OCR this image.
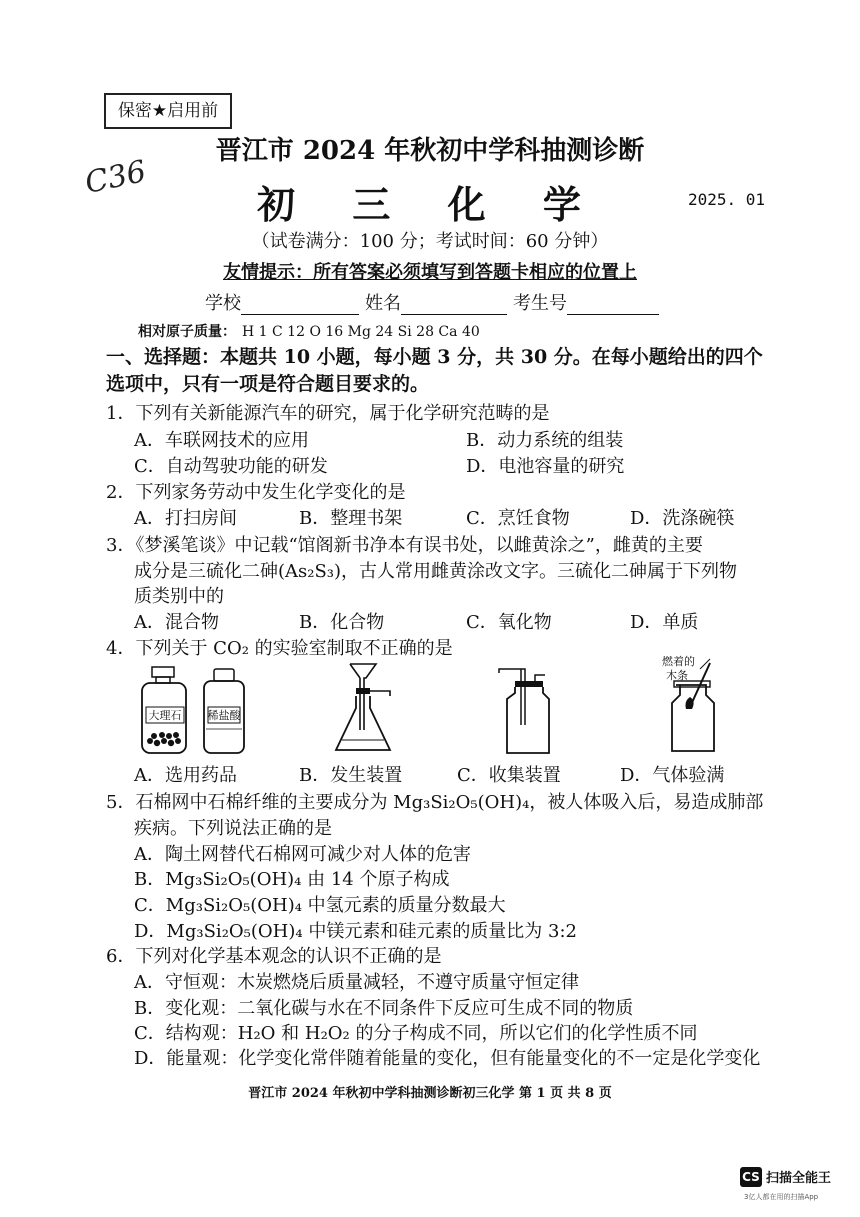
保密★启用前
C36
晋江市 2024 年秋初中学科抽测诊断
初 三 化 学	2025. 01
（试卷满分：100 分；考试时间：60 分钟）
友情提示：所有答案必须填写到答题卡相应的位置上
学校	姓名	考生号
相对原子质量： H 1 C 12 O 16 Mg 24 Si 28 Ca 40
一、选择题：本题共 10 小题，每小题 3 分，共 30 分。在每小题给出的四个选项中，只有一项是符合题目要求的。
1．下列有关新能源汽车的研究，属于化学研究范畴的是
A．车联网技术的应用	B．动力系统的组装
C．自动驾驶功能的研发	D．电池容量的研究
2．下列家务劳动中发生化学变化的是
A．打扫房间	B．整理书架	C．烹饪食物	D．洗涤碗筷
3．《梦溪笔谈》中记载“馆阁新书净本有误书处，以雌黄涂之”，雌黄的主要
成分是三硫化二砷(As₂S₃)，古人常用雌黄涂改文字。三硫化二砷属于下列物
质类别中的
A．混合物	B．化合物	C．氧化物	D．单质
4．下列关于 CO₂ 的实验室制取不正确的是
大理石 稀盐酸
燃着的
木条
A．选用药品	B．发生装置	C．收集装置	D．气体验满
5．石棉网中石棉纤维的主要成分为 Mg₃Si₂O₅(OH)₄，被人体吸入后，易造成肺部
疾病。下列说法正确的是
A．陶土网替代石棉网可减少对人体的危害
B．Mg₃Si₂O₅(OH)₄ 由 14 个原子构成
C．Mg₃Si₂O₅(OH)₄ 中氢元素的质量分数最大
D．Mg₃Si₂O₅(OH)₄ 中镁元素和硅元素的质量比为 3:2
6．下列对化学基本观念的认识不正确的是
A．守恒观：木炭燃烧后质量减轻，不遵守质量守恒定律
B．变化观：二氧化碳与水在不同条件下反应可生成不同的物质
C．结构观：H₂O 和 H₂O₂ 的分子构成不同，所以它们的化学性质不同
D．能量观：化学变化常伴随着能量的变化，但有能量变化的不一定是化学变化
晋江市 2024 年秋初中学科抽测诊断初三化学 第 1 页 共 8 页
CS 扫描全能王
3亿人都在用的扫描App
